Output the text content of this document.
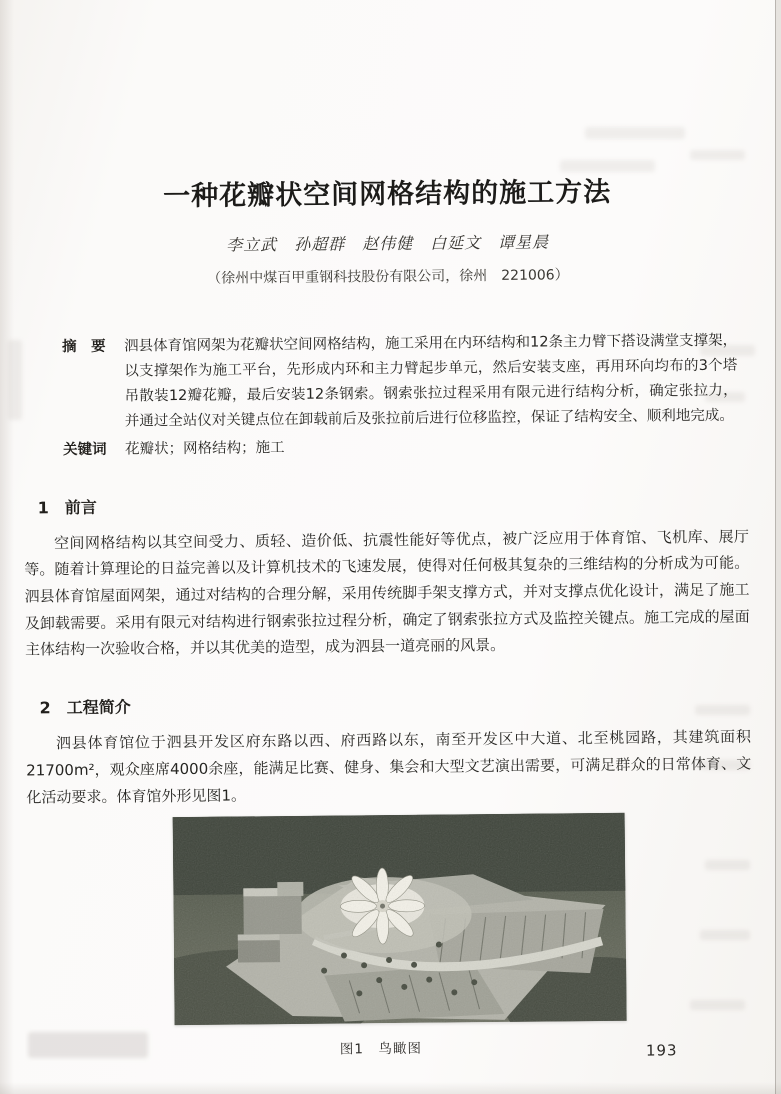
一种花瓣状空间网格结构的施工方法
李立武　孙超群　赵伟健　白延文　谭星晨
（徐州中煤百甲重钢科技股份有限公司，徐州　221006）
摘　要	泗县体育馆网架为花瓣状空间网格结构，施工采用在内环结构和12条主力臂下搭设满堂支撑架，以支撑架作为施工平台，先形成内环和主力臂起步单元，然后安装支座，再用环向均布的3个塔吊散装12瓣花瓣，最后安装12条钢索。钢索张拉过程采用有限元进行结构分析，确定张拉力，并通过全站仪对关键点位在卸载前后及张拉前后进行位移监控，保证了结构安全、顺利地完成。
关键词	花瓣状；网格结构；施工
1　前言
空间网格结构以其空间受力、质轻、造价低、抗震性能好等优点，被广泛应用于体育馆、飞机库、展厅等。随着计算理论的日益完善以及计算机技术的飞速发展，使得对任何极其复杂的三维结构的分析成为可能。泗县体育馆屋面网架，通过对结构的合理分解，采用传统脚手架支撑方式，并对支撑点优化设计，满足了施工及卸载需要。采用有限元对结构进行钢索张拉过程分析，确定了钢索张拉方式及监控关键点。施工完成的屋面主体结构一次验收合格，并以其优美的造型，成为泗县一道亮丽的风景。
2　工程简介
泗县体育馆位于泗县开发区府东路以西、府西路以东，南至开发区中大道、北至桃园路，其建筑面积21700m²，观众座席4000余座，能满足比赛、健身、集会和大型文艺演出需要，可满足群众的日常体育、文化活动要求。体育馆外形见图1。
图1　鸟瞰图	193
